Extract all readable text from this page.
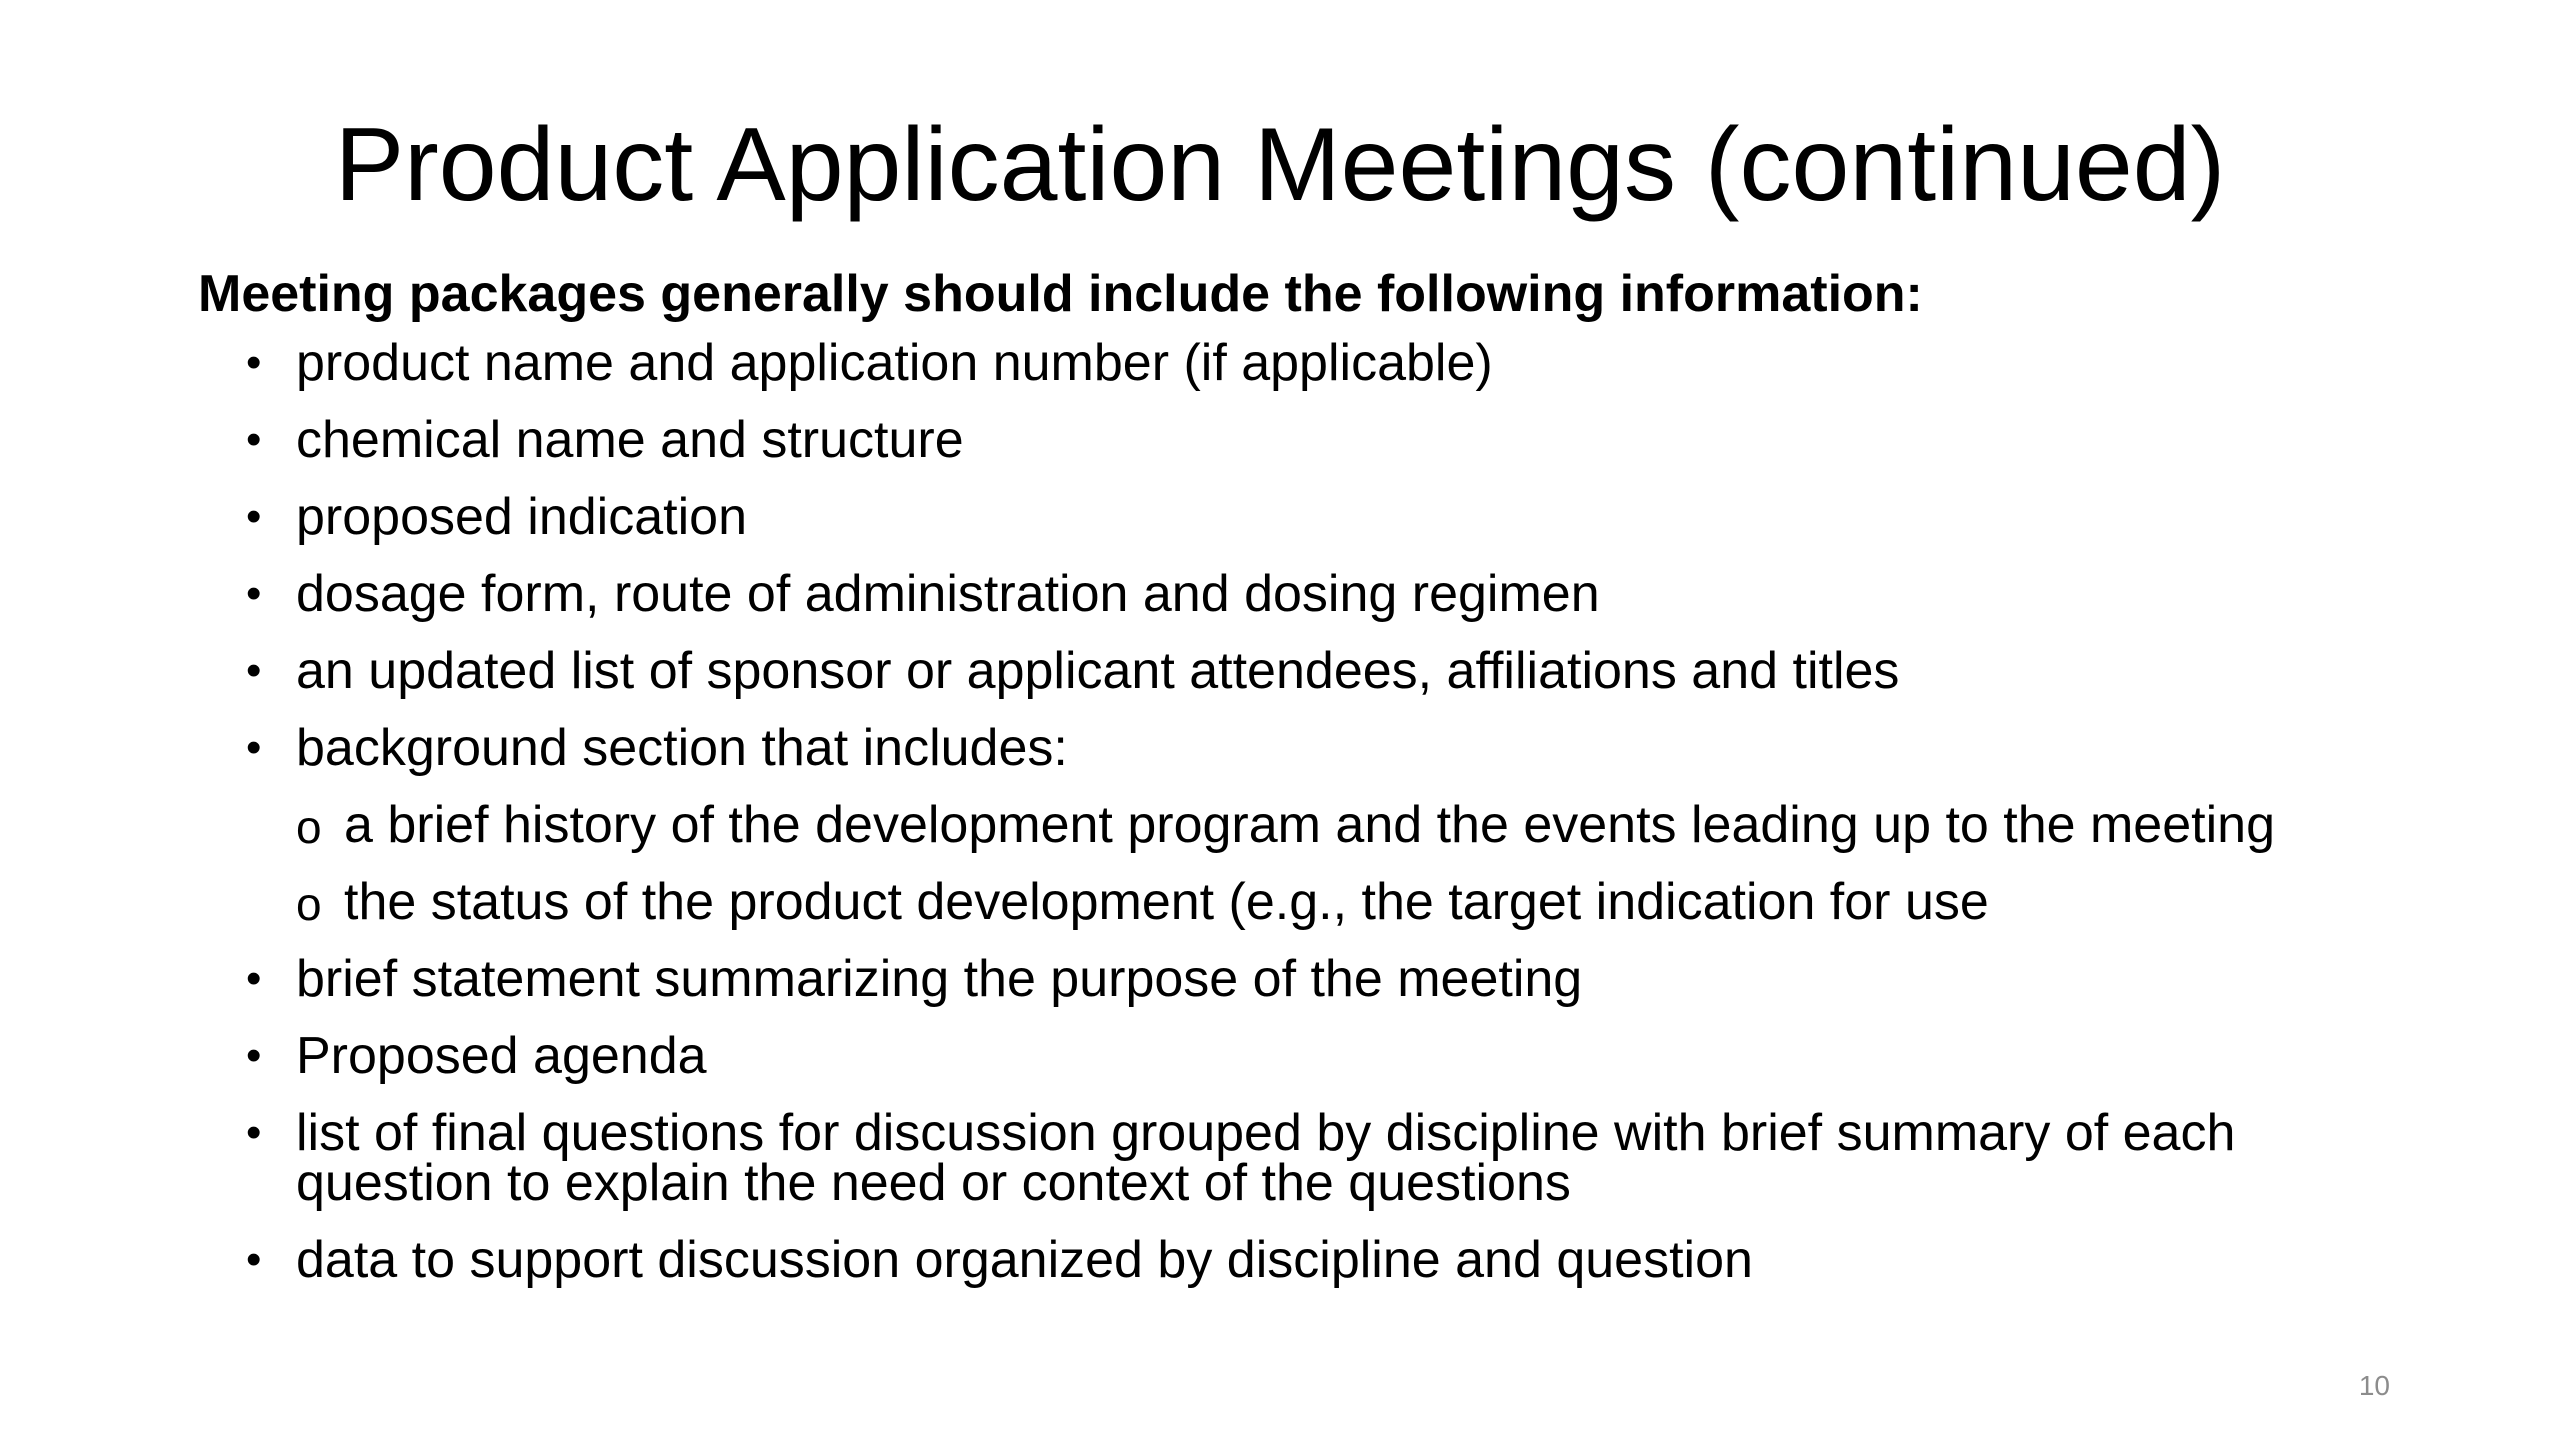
Product Application Meetings (continued)
Meeting packages generally should include the following information:
• product name and application number (if applicable)
• chemical name and structure
• proposed indication
• dosage form, route of administration and dosing regimen
• an updated list of sponsor or applicant attendees, affiliations and titles
• background section that includes:
o a brief history of the development program and the events leading up to the meeting
o the status of the product development (e.g., the target indication for use
• brief statement summarizing the purpose of the meeting
• Proposed agenda
• list of final questions for discussion grouped by discipline with brief summary of each question to explain the need or context of the questions
• data to support discussion organized by discipline and question
10
